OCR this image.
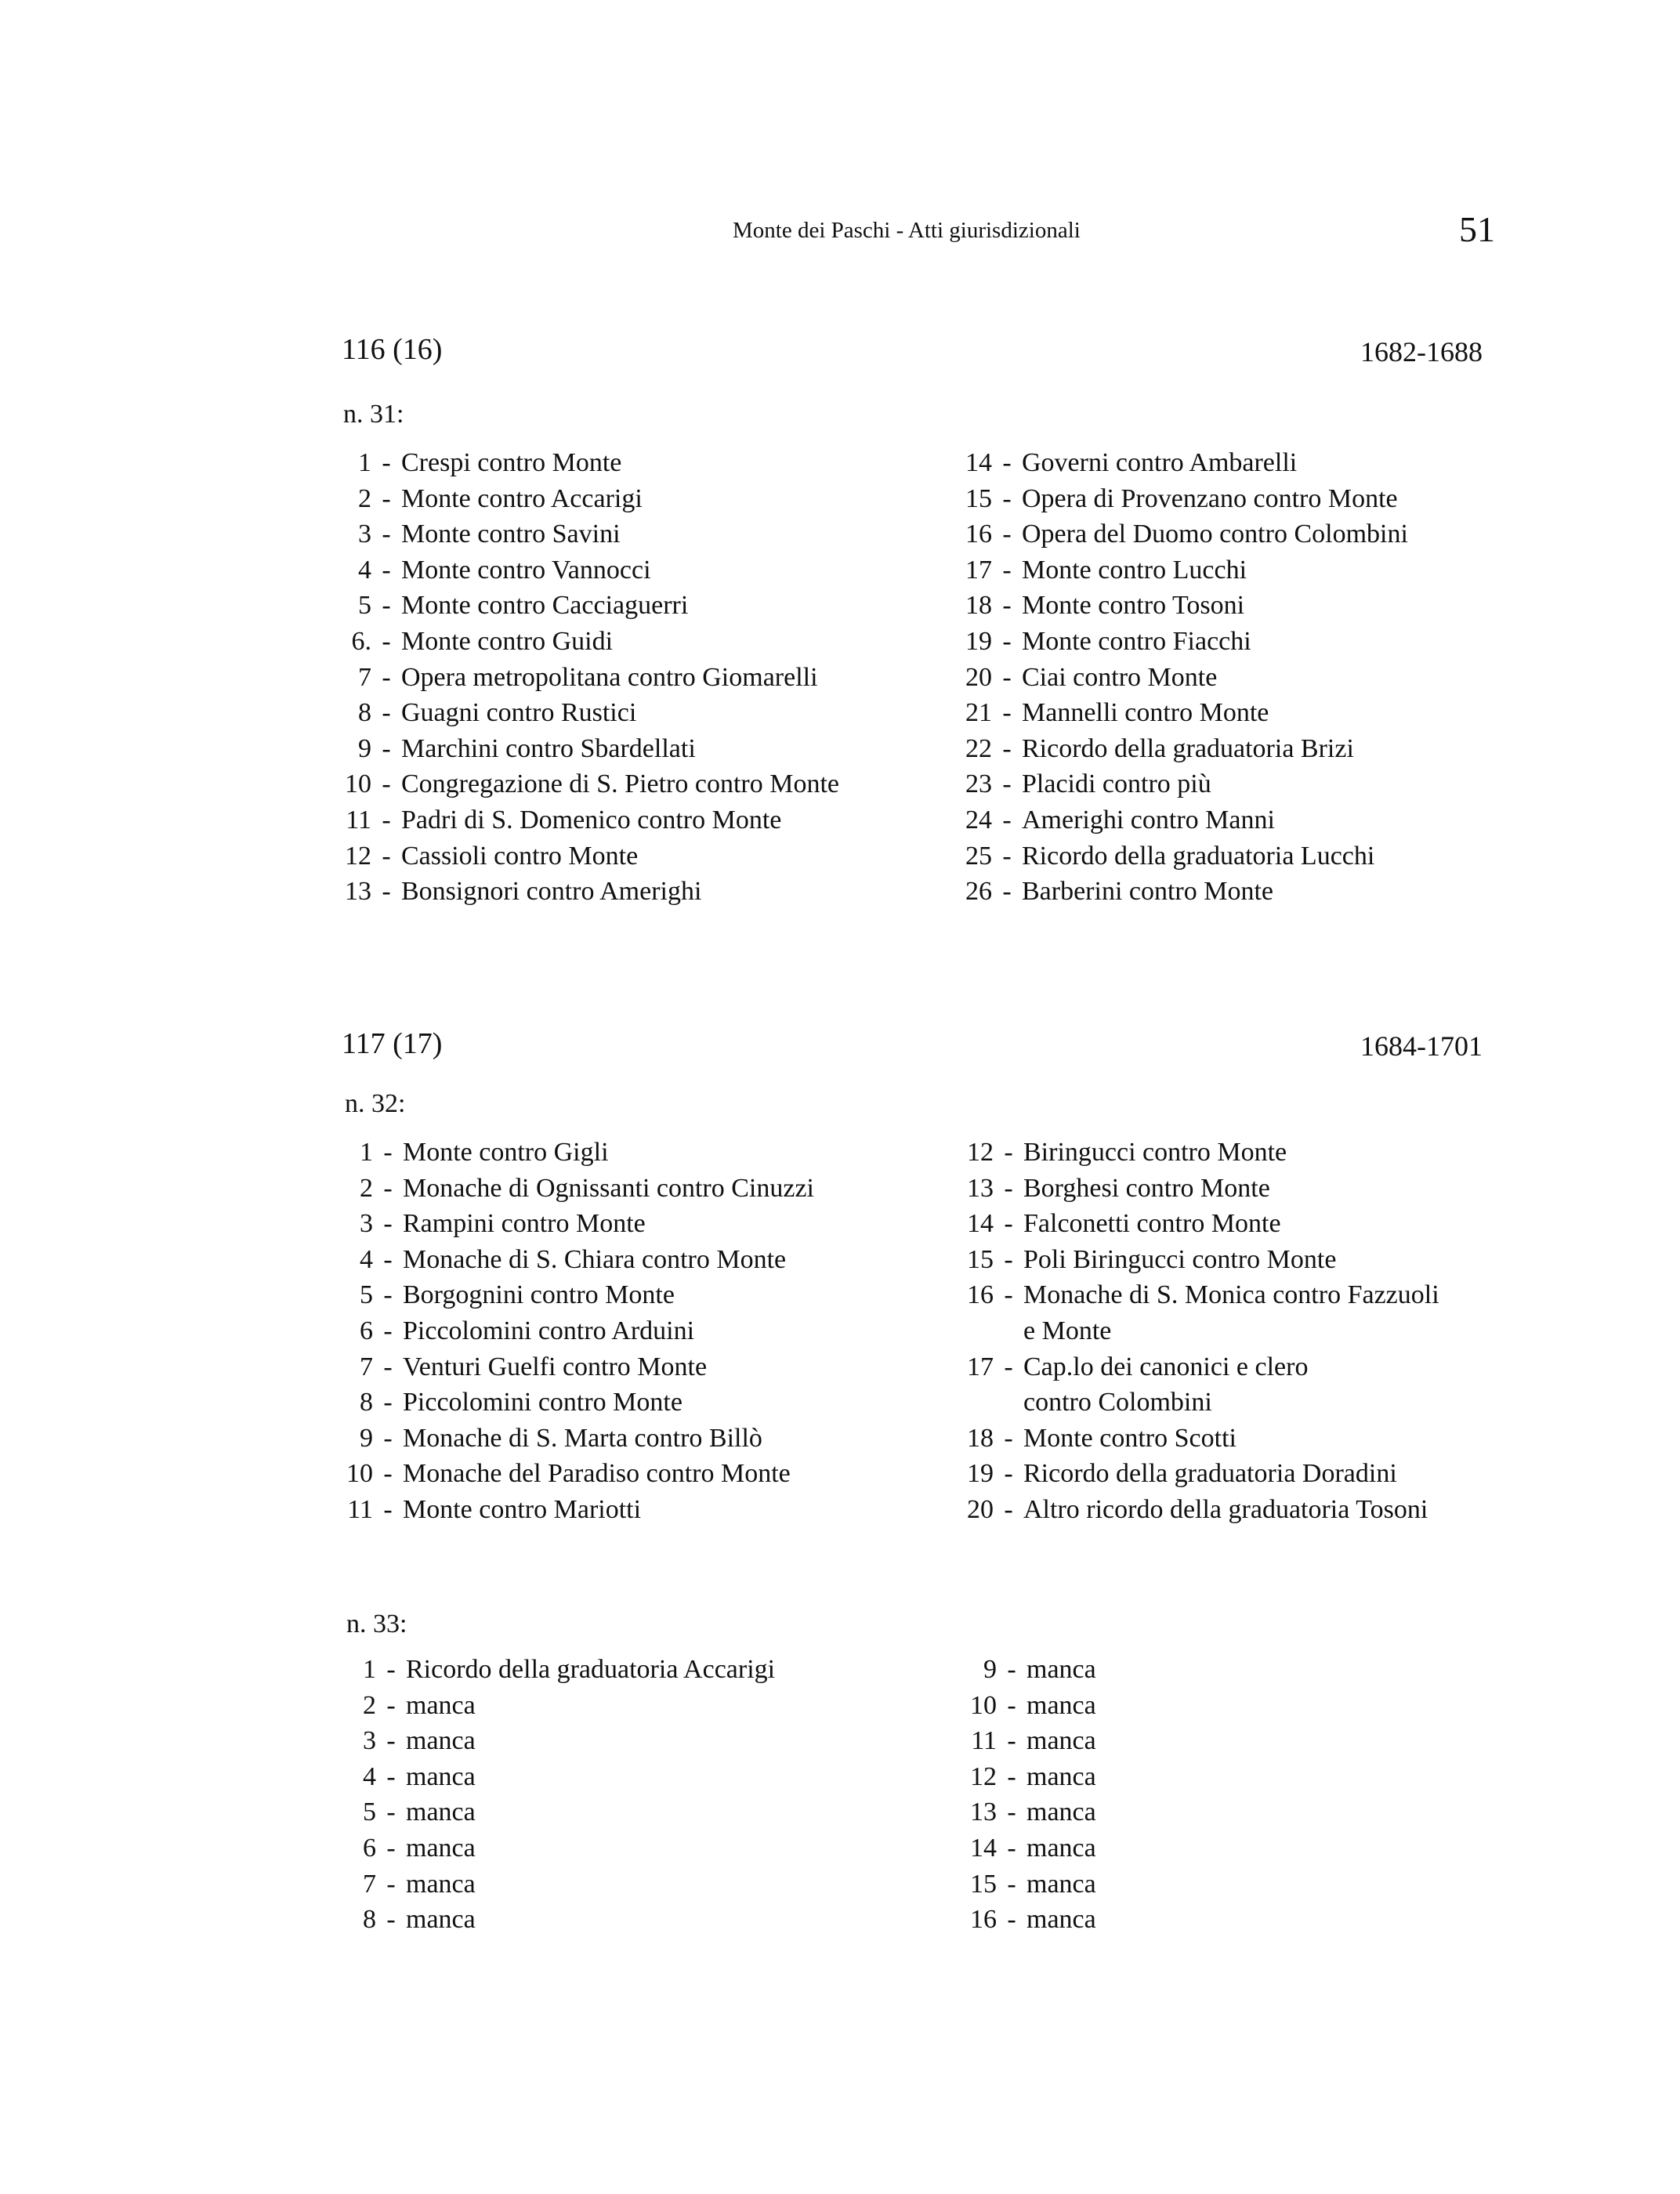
Monte dei Paschi - Atti giurisdizionali	51
116 (16)	1682-1688
n. 31:
1 - Crespi contro Monte
2 - Monte contro Accarigi
3 - Monte contro Savini
4 - Monte contro Vannocci
5 - Monte contro Cacciaguerri
6. - Monte contro Guidi
7 - Opera metropolitana contro Giomarelli
8 - Guagni contro Rustici
9 - Marchini contro Sbardellati
10 - Congregazione di S. Pietro contro Monte
11 - Padri di S. Domenico contro Monte
12 - Cassioli contro Monte
13 - Bonsignori contro Amerighi
14 - Governi contro Ambarelli
15 - Opera di Provenzano contro Monte
16 - Opera del Duomo contro Colombini
17 - Monte contro Lucchi
18 - Monte contro Tosoni
19 - Monte contro Fiacchi
20 - Ciai contro Monte
21 - Mannelli contro Monte
22 - Ricordo della graduatoria Brizi
23 - Placidi contro più
24 - Amerighi contro Manni
25 - Ricordo della graduatoria Lucchi
26 - Barberini contro Monte
117 (17)	1684-1701
n. 32:
1 - Monte contro Gigli
2 - Monache di Ognissanti contro Cinuzzi
3 - Rampini contro Monte
4 - Monache di S. Chiara contro Monte
5 - Borgognini contro Monte
6 - Piccolomini contro Arduini
7 - Venturi Guelfi contro Monte
8 - Piccolomini contro Monte
9 - Monache di S. Marta contro Billò
10 - Monache del Paradiso contro Monte
11 - Monte contro Mariotti
12 - Biringucci contro Monte
13 - Borghesi contro Monte
14 - Falconetti contro Monte
15 - Poli Biringucci contro Monte
16 - Monache di S. Monica contro Fazzuoli
e Monte
17 - Cap.lo dei canonici e clero
contro Colombini
18 - Monte contro Scotti
19 - Ricordo della graduatoria Doradini
20 - Altro ricordo della graduatoria Tosoni
n. 33:
1 - Ricordo della graduatoria Accarigi
2 - manca
3 - manca
4 - manca
5 - manca
6 - manca
7 - manca
8 - manca
9 - manca
10 - manca
11 - manca
12 - manca
13 - manca
14 - manca
15 - manca
16 - manca
